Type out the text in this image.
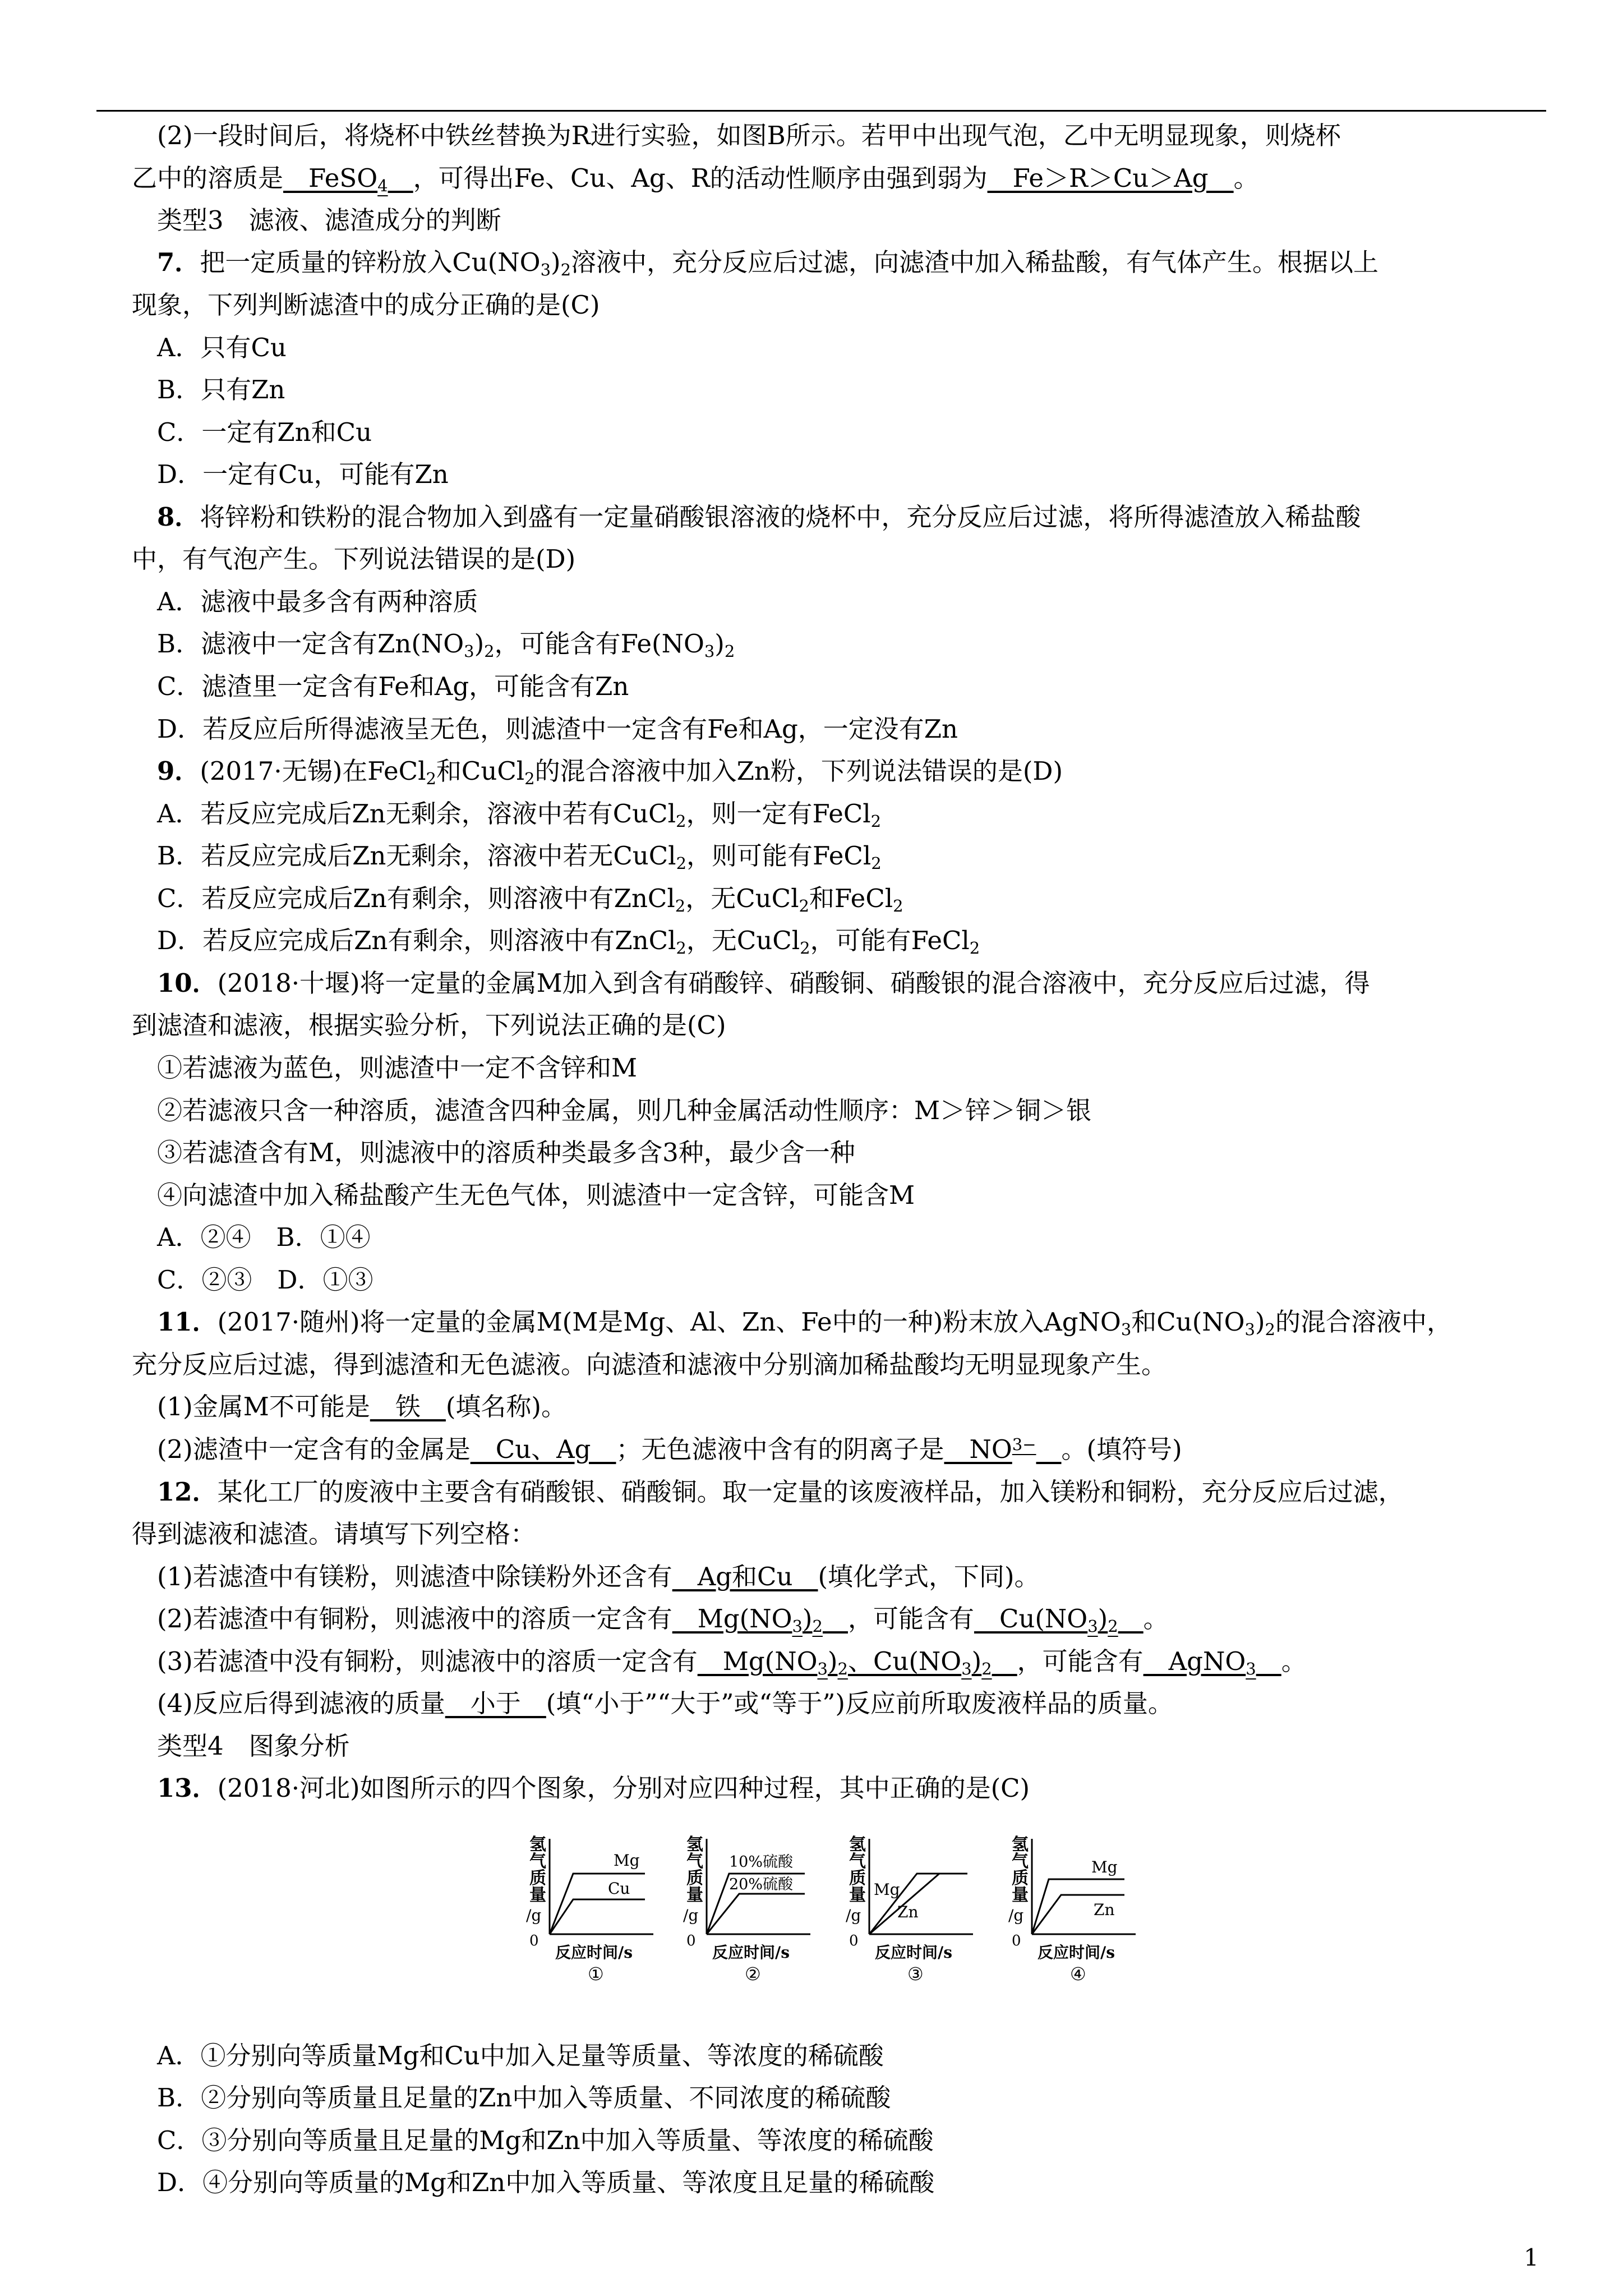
(2)一段时间后，将烧杯中铁丝替换为R进行实验，如图B所示。若甲中出现气泡，乙中无明显现象，则烧杯
乙中的溶质是__FeSO$_4$__，可得出Fe、Cu、Ag、R的活动性顺序由强到弱为__Fe＞R＞Cu＞Ag__。
类型3　滤液、滤渣成分的判断
7．把一定质量的锌粉放入$Cu(NO_3)_2$溶液中，充分反应后过滤，向滤渣中加入稀盐酸，有气体产生。根据以上
现象，下列判断滤渣中的成分正确的是(C)
A．只有Cu
B．只有Zn
C．一定有Zn和Cu
D．一定有Cu，可能有Zn
8．将锌粉和铁粉的混合物加入到盛有一定量硝酸银溶液的烧杯中，充分反应后过滤，将所得滤渣放入稀盐酸
中，有气泡产生。下列说法错误的是(D)
A．滤液中最多含有两种溶质
B．滤液中一定含有$Zn(NO_3)_2$，可能含有$Fe(NO_3)_2$
C．滤渣里一定含有Fe和Ag，可能含有Zn
D．若反应后所得滤液呈无色，则滤渣中一定含有Fe和Ag，一定没有Zn
9．(2017·无锡)在FeCl$_2$和CuCl$_2$的混合溶液中加入Zn粉，下列说法错误的是(D)
A．若反应完成后Zn无剩余，溶液中若有CuCl$_2$，则一定有FeCl$_2$
B．若反应完成后Zn无剩余，溶液中若无CuCl$_2$，则可能有FeCl$_2$
C．若反应完成后Zn有剩余，则溶液中有ZnCl$_2$，无CuCl$_2$和FeCl$_2$
D．若反应完成后Zn有剩余，则溶液中有ZnCl$_2$，无CuCl$_2$，可能有FeCl$_2$
10．(2018·十堰)将一定量的金属M加入到含有硝酸锌、硝酸铜、硝酸银的混合溶液中，充分反应后过滤，得
到滤渣和滤液，根据实验分析，下列说法正确的是(C)
①若滤液为蓝色，则滤渣中一定不含锌和M
②若滤液只含一种溶质，滤渣含四种金属，则几种金属活动性顺序：M＞锌＞铜＞银
③若滤渣含有M，则滤液中的溶质种类最多含3种，最少含一种
④向滤渣中加入稀盐酸产生无色气体，则滤渣中一定含锌，可能含M
A．②④　B．①④
C．②③　D．①③
11．(2017·随州)将一定量的金属M(M是Mg、Al、Zn、Fe中的一种)粉末放入AgNO$_3$和$Cu(NO_3)_2$的混合溶液中，
充分反应后过滤，得到滤渣和无色滤液。向滤渣和滤液中分别滴加稀盐酸均无明显现象产生。
(1)金属M不可能是__铁__(填名称)。
(2)滤渣中一定含有的金属是__Cu、Ag__；无色滤液中含有的阴离子是$\_\_NO^{3-}\_\_$。(填符号)
12．某化工厂的废液中主要含有硝酸银、硝酸铜。取一定量的该废液样品，加入镁粉和铜粉，充分反应后过滤，
得到滤液和滤渣。请填写下列空格：
(1)若滤渣中有镁粉，则滤渣中除镁粉外还含有__Ag和Cu__(填化学式，下同)。
(2)若滤渣中有铜粉，则滤液中的溶质一定含有$\_\_Mg(NO_3)_2\_\_$，可能含有$\_\_Cu(NO_3)_2\_\_$。
(3)若滤渣中没有铜粉，则滤液中的溶质一定含有$\_\_Mg(NO_3)_2$、$Cu(NO_3)_2\_\_$，可能含有__AgNO$_3$__。
(4)反应后得到滤液的质量__小于__(填“小于”“大于”或“等于”)反应前所取废液样品的质量。
类型4　图象分析
13．(2018·河北)如图所示的四个图象，分别对应四种过程，其中正确的是(C)
A．①分别向等质量Mg和Cu中加入足量等质量、等浓度的稀硫酸
B．②分别向等质量且足量的Zn中加入等质量、不同浓度的稀硫酸
C．③分别向等质量且足量的Mg和Zn中加入等质量、等浓度的稀硫酸
D．④分别向等质量的Mg和Zn中加入等质量、等浓度且足量的稀硫酸
氢
气
质
量
/g
0
Mg
Cu
反应时间/s
①
氢
气
质
量
/g
0
10%硫酸
20%硫酸
反应时间/s
②
氢
气
质
量
/g
0
Mg
Zn
反应时间/s
③
氢
气
质
量
/g
0
Mg
Zn
反应时间/s
④
1
